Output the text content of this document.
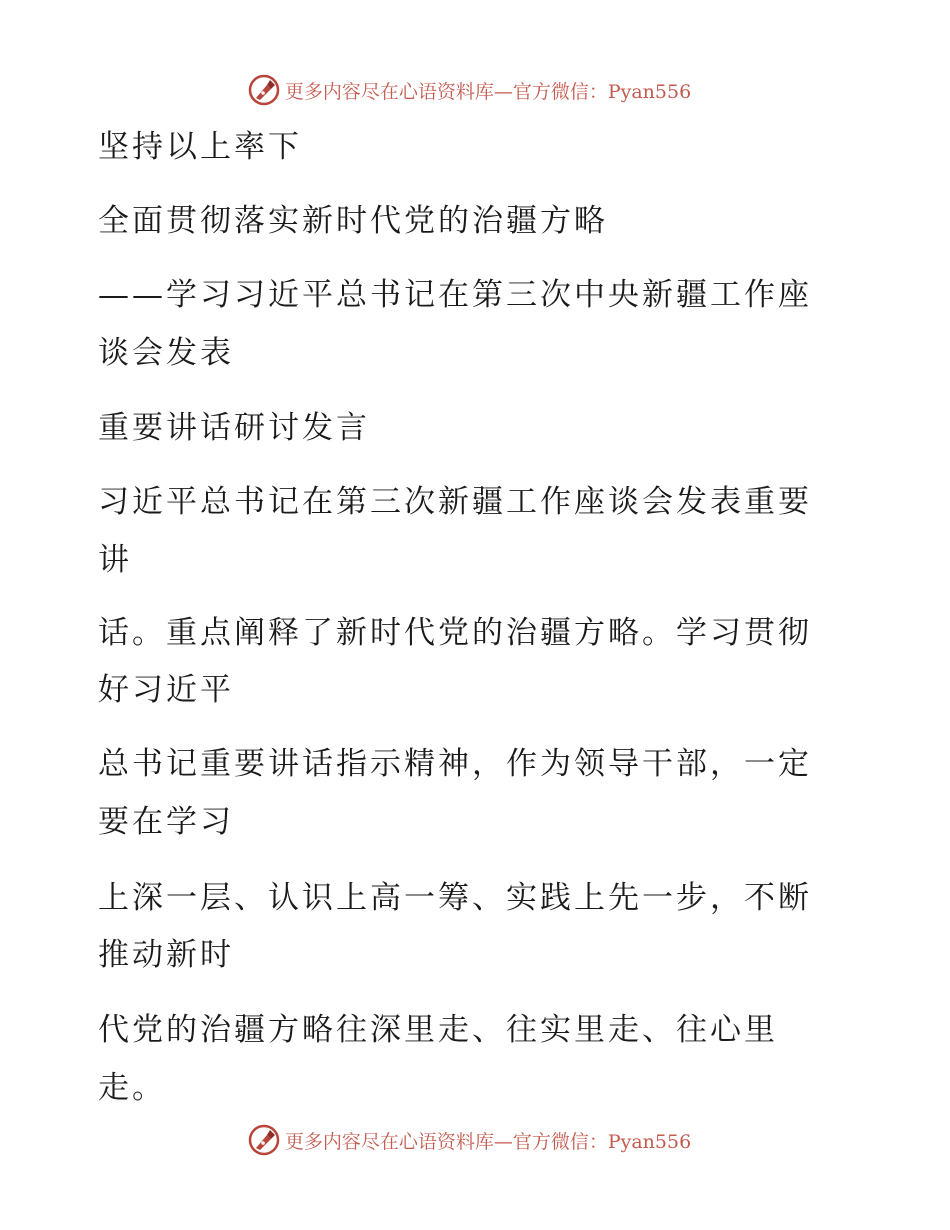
更多内容尽在心语资料库—官方微信：Pyan556
坚持以上率下
全面贯彻落实新时代党的治疆方略
——学习习近平总书记在第三次中央新疆工作座
谈会发表
重要讲话研讨发言
习近平总书记在第三次新疆工作座谈会发表重要
讲
话。重点阐释了新时代党的治疆方略。学习贯彻
好习近平
总书记重要讲话指示精神，作为领导干部，一定
要在学习
上深一层、认识上高一筹、实践上先一步，不断
推动新时
代党的治疆方略往深里走、往实里走、往心里
走。
更多内容尽在心语资料库—官方微信：Pyan556
